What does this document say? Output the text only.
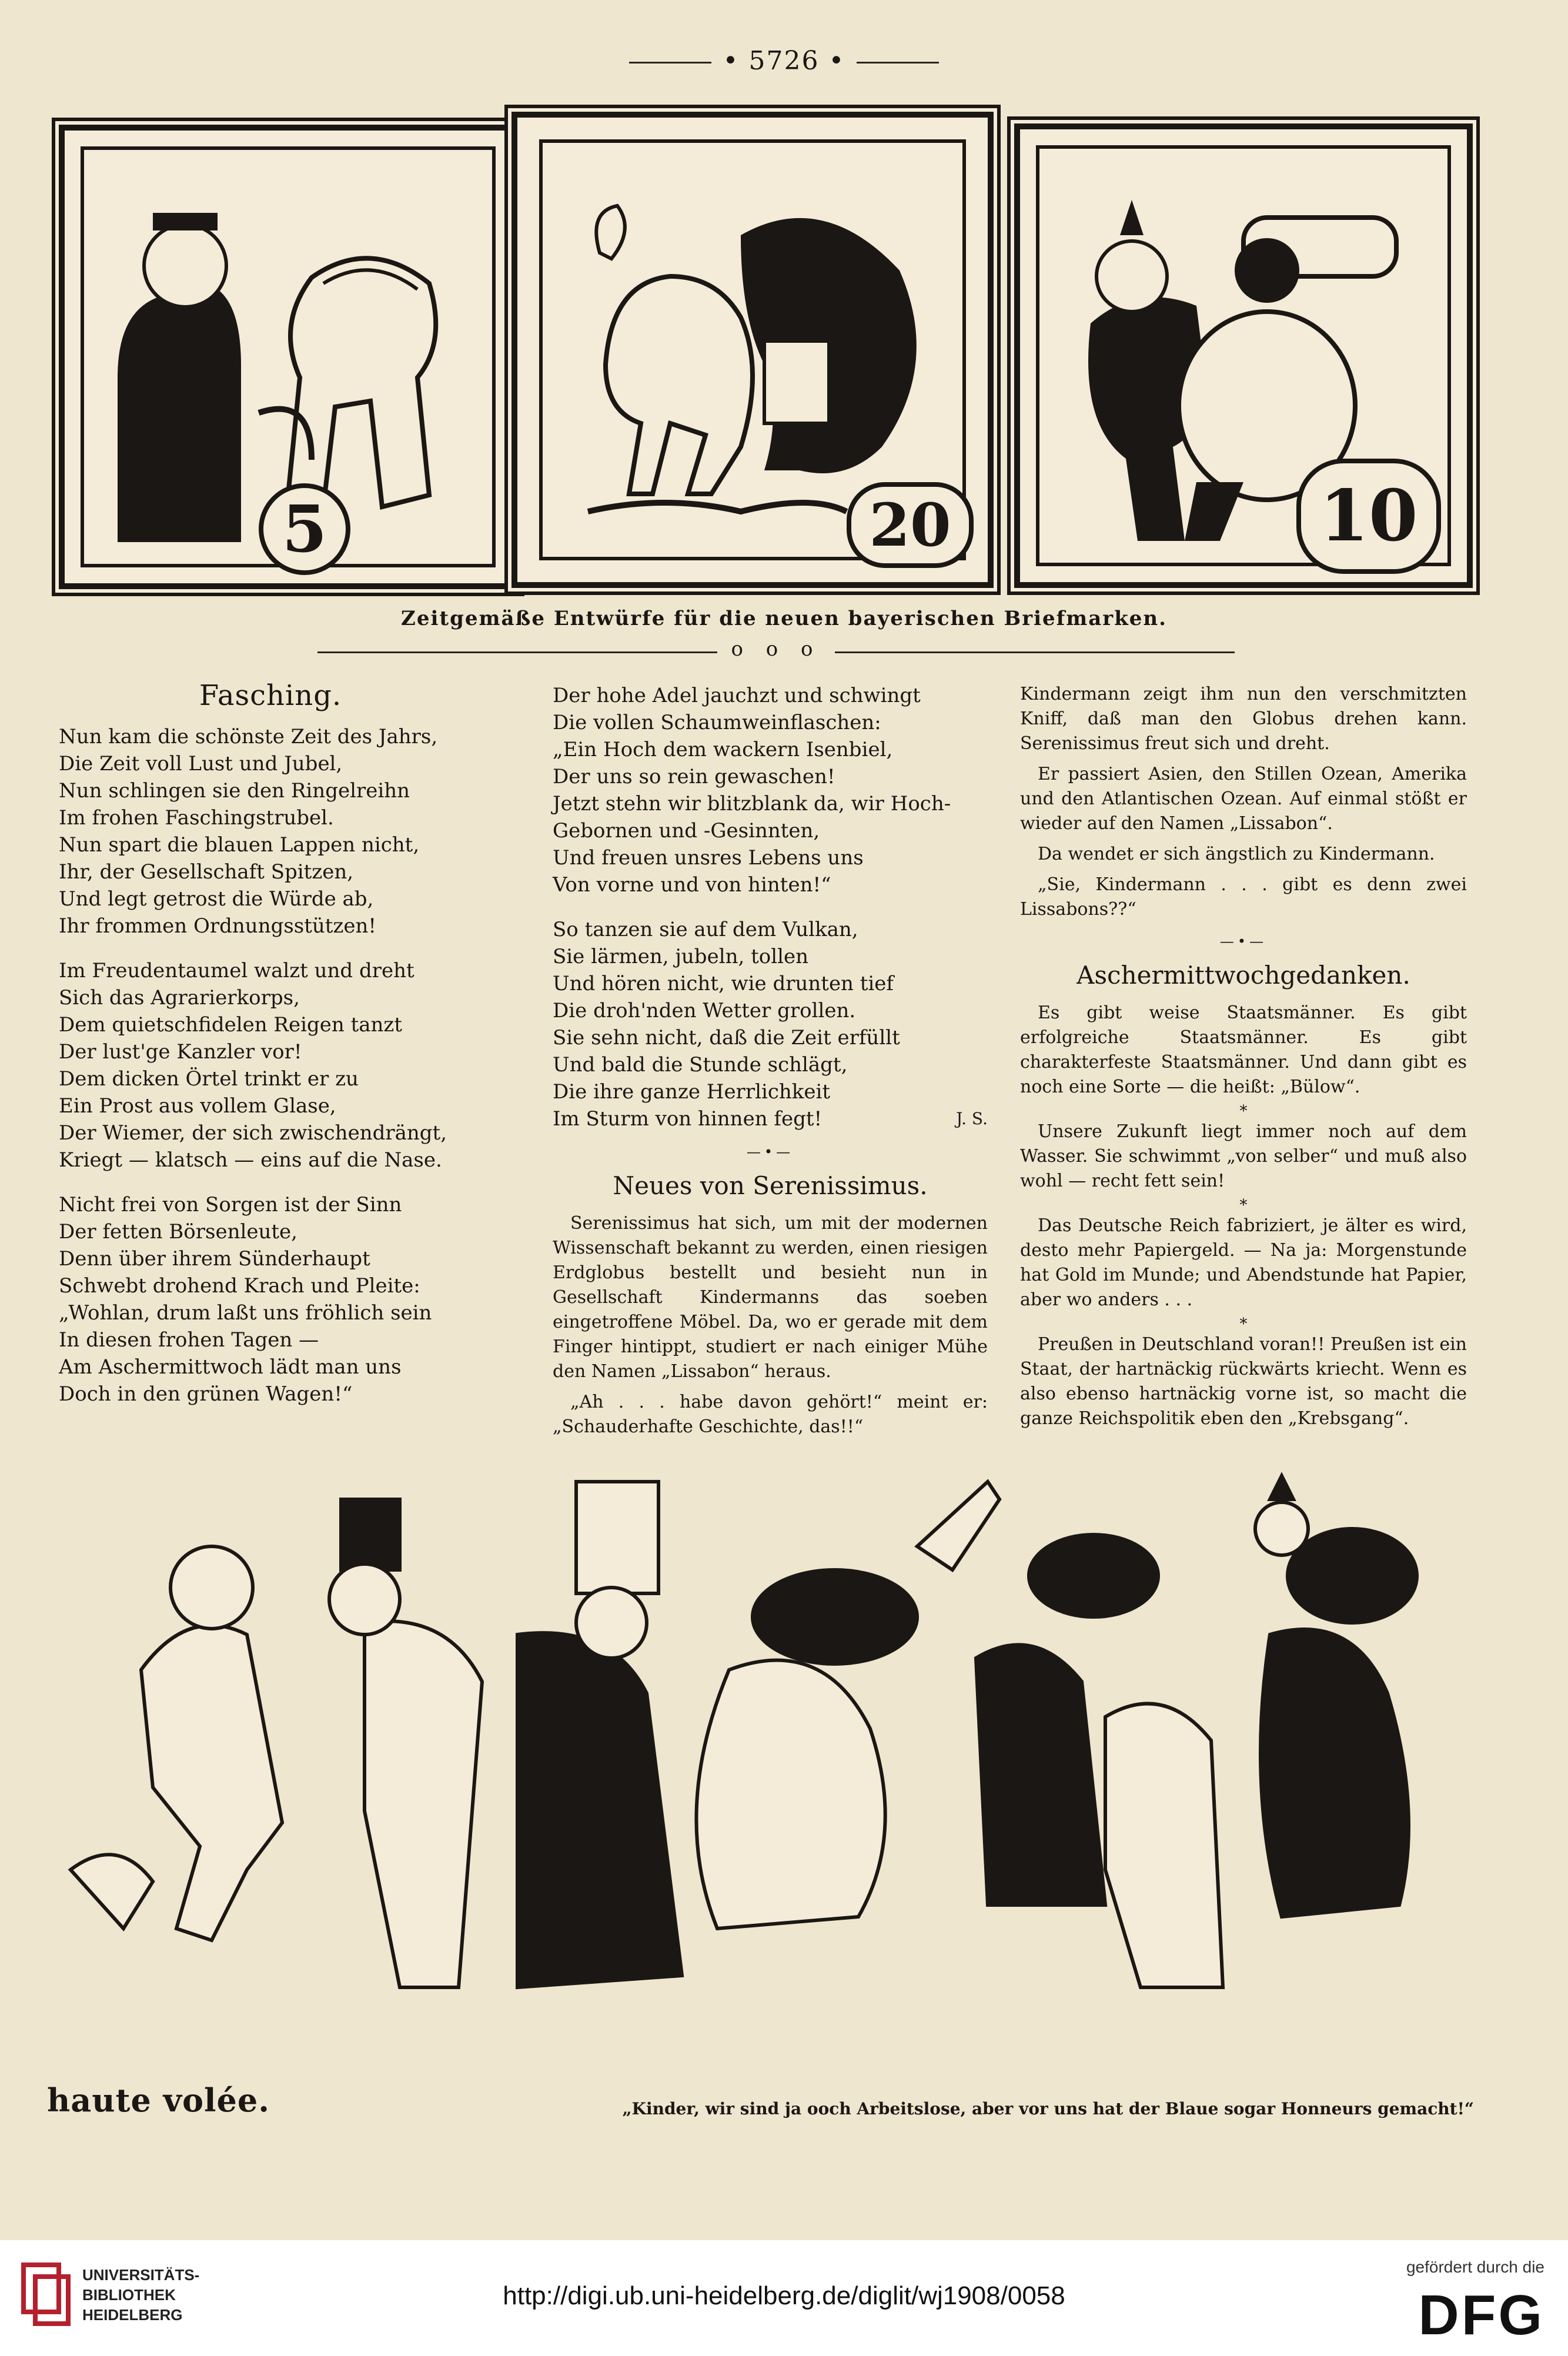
• 5726 •
5	20	10
Zeitgemäße Entwürfe für die neuen bayerischen Briefmarken.
o o o
Fasching.

Nun kam die schönste Zeit des Jahrs,

Die Zeit voll Lust und Jubel,

Nun schlingen sie den Ringelreihn

Im frohen Faschingstrubel.

Nun spart die blauen Lappen nicht,

Ihr, der Gesellschaft Spitzen,

Und legt getrost die Würde ab,

Ihr frommen Ordnungsstützen!

Im Freudentaumel walzt und dreht

Sich das Agrarierkorps,

Dem quietschfidelen Reigen tanzt

Der lust'ge Kanzler vor!

Dem dicken Örtel trinkt er zu

Ein Prost aus vollem Glase,

Der Wiemer, der sich zwischendrängt,

Kriegt — klatsch — eins auf die Nase.

Nicht frei von Sorgen ist der Sinn

Der fetten Börsenleute,

Denn über ihrem Sünderhaupt

Schwebt drohend Krach und Pleite:

„Wohlan, drum laßt uns fröhlich sein

In diesen frohen Tagen —

Am Aschermittwoch lädt man uns

Doch in den grünen Wagen!“

Der hohe Adel jauchzt und schwingt

Die vollen Schaumweinflaschen:

„Ein Hoch dem wackern Isenbiel,

Der uns so rein gewaschen!

Jetzt stehn wir blitzblank da, wir Hoch-

Gebornen und -Gesinnten,

Und freuen unsres Lebens uns

Von vorne und von hinten!“

So tanzen sie auf dem Vulkan,

Sie lärmen, jubeln, tollen

Und hören nicht, wie drunten tief

Die droh'nden Wetter grollen.

Sie sehn nicht, daß die Zeit erfüllt

Und bald die Stunde schlägt,

Die ihre ganze Herrlichkeit

Im Sturm von hinnen fegt!	J. S.

—•—
Neues von Serenissimus.

Serenissimus hat sich, um mit der modernen Wissenschaft bekannt zu werden, einen riesigen Erdglobus bestellt und besieht nun in Gesellschaft Kindermanns das soeben eingetroffene Möbel. Da, wo er gerade mit dem Finger hintippt, studiert er nach einiger Mühe den Namen „Lissabon“ heraus.

„Ah . . . habe davon gehört!“ meint er: „Schauderhafte Geschichte, das!!“

Kindermann zeigt ihm nun den verschmitzten Kniff, daß man den Globus drehen kann. Serenissimus freut sich und dreht.

Er passiert Asien, den Stillen Ozean, Amerika und den Atlantischen Ozean. Auf einmal stößt er wieder auf den Namen „Lissabon“.

Da wendet er sich ängstlich zu Kindermann.

„Sie, Kindermann . . . gibt es denn zwei Lissabons??“

—•—
Aschermittwochgedanken.

Es gibt weise Staatsmänner. Es gibt erfolgreiche Staatsmänner. Es gibt charakterfeste Staatsmänner. Und dann gibt es noch eine Sorte — die heißt: „Bülow“.

*

Unsere Zukunft liegt immer noch auf dem Wasser. Sie schwimmt „von selber“ und muß also wohl — recht fett sein!

*

Das Deutsche Reich fabriziert, je älter es wird, desto mehr Papiergeld. — Na ja: Morgenstunde hat Gold im Munde; und Abendstunde hat Papier, aber wo anders . . .

*

Preußen in Deutschland voran!! Preußen ist ein Staat, der hartnäckig rückwärts kriecht. Wenn es also ebenso hartnäckig vorne ist, so macht die ganze Reichspolitik eben den „Krebsgang“.

haute volée.	„Kinder, wir sind ja ooch Arbeitslose, aber vor uns hat der Blaue sogar Honneurs gemacht!“
UNIVERSITÄTS-
BIBLIOTHEK
HEIDELBERG
http://digi.ub.uni-heidelberg.de/diglit/wj1908/0058
gefördert durch die
DFG
